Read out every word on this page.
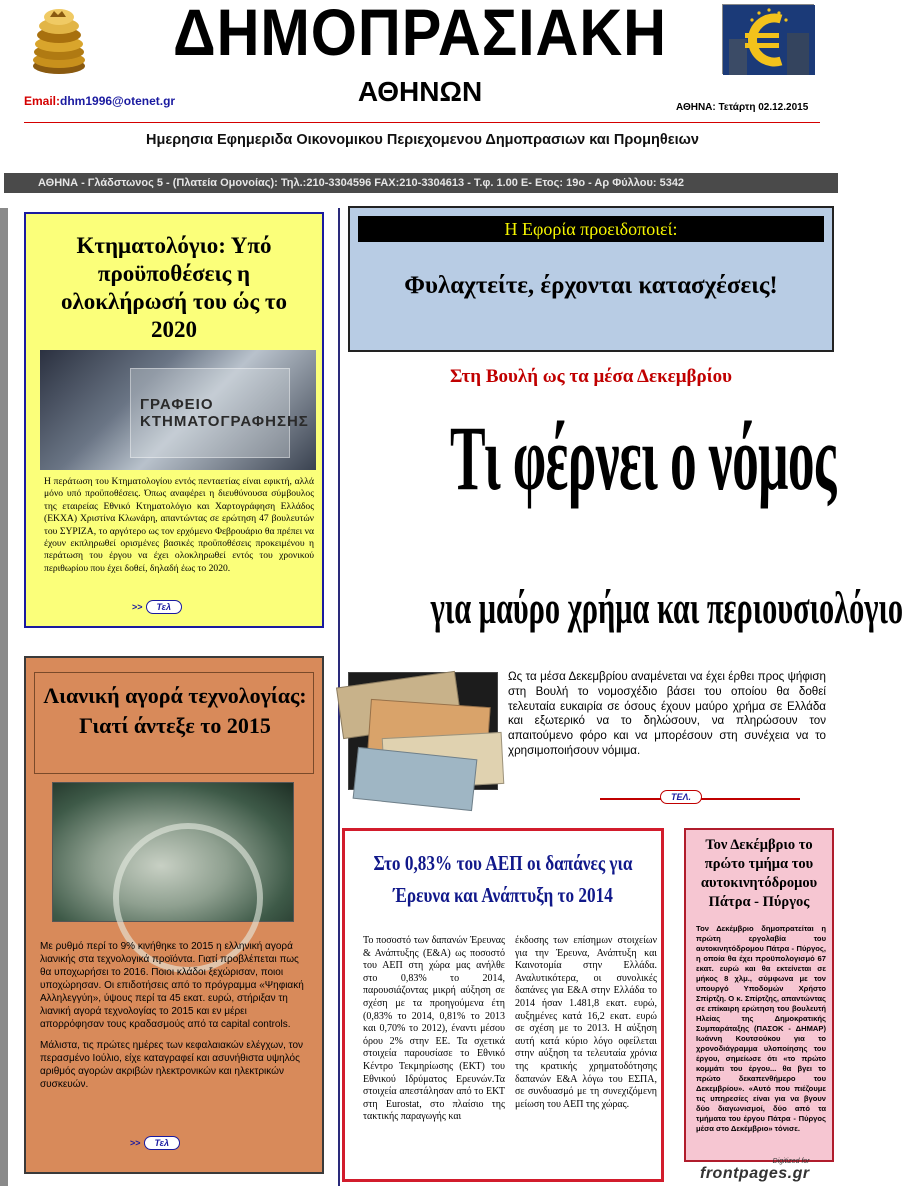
ΔΗΜΟΠΡΑΣΙΑΚΗ
ΑΘΗΝΩΝ
Email:dhm1996@otenet.gr	ΑΘΗΝΑ: Τετάρτη 02.12.2015
Ημερησια Εφημεριδα Οικονομικου Περιεχομενου Δημοπρασιων και Προμηθειων
ΑΘΗΝΑ - Γλάδστωνος 5 - (Πλατεία Ομονοίας): Τηλ.:210-3304596 FAX:210-3304613 - Τ.φ. 1.00 Ε- Ετος: 19ο - Αρ Φύλλου: 5342
Κτηματολόγιο: Υπό προϋποθέσεις η ολοκλήρωσή του ώς το 2020
ΓΡΑΦΕΙΟ ΚΤΗΜΑΤΟΓΡΑΦΗΣΗΣ
Η περάτωση του Κτηματολογίου εντός πενταετίας είναι εφικτή, αλλά μόνο υπό προϋποθέσεις. Όπως αναφέρει η διευθύνουσα σύμβουλος της εταιρείας Εθνικό Κτηματολόγιο και Χαρτογράφηση Ελλάδος (ΕΚΧΑ) Χριστίνα Κλωνάρη, απαντώντας σε ερώτηση 47 βουλευτών του ΣΥΡΙΖΑ, το αργότερο ως τον ερχόμενο Φεβρουάριο θα πρέπει να έχουν εκπληρωθεί ορισμένες βασικές προϋποθέσεις προκειμένου η περάτωση του έργου να έχει ολοκληρωθεί εντός του χρονικού περιθωρίου που έχει δοθεί, δηλαδή έως το 2020.
>>	Τελ
Λιανική αγορά τεχνολογίας: Γιατί άντεξε το 2015

Με ρυθμό περί το 9% κινήθηκε το 2015 η ελληνική αγορά λιανικής στα τεχνολογικά προϊόντα. Γιατί προβλέπεται πως θα υποχωρήσει το 2016. Ποιοι κλάδοι ξεχώρισαν, ποιοι υποχώρησαν. Οι επιδοτήσεις από το πρόγραμμα «Ψηφιακή Αλληλεγγύη», ύψους περί τα 45 εκατ. ευρώ, στήριξαν τη λιανική αγορά τεχνολογίας το 2015 και εν μέρει απορρόφησαν τους κραδασμούς από τα capital controls.

Μάλιστα, τις πρώτες ημέρες των κεφαλαιακών ελέγχων, τον περασμένο Ιούλιο, είχε καταγραφεί και ασυνήθιστα υψηλός αριθμός αγορών ακριβών ηλεκτρονικών και ηλεκτρικών συσκευών.

>>	Τελ
Η Εφορία προειδοποιεί:
Φυλαχτείτε, έρχονται κατασχέσεις!
Στη Βουλή ως τα μέσα Δεκεμβρίου
Τι φέρνει ο νόμος
για μαύρο χρήμα και περιουσιολόγιο
Ως τα μέσα Δεκεμβρίου αναμένεται να έχει έρθει προς ψήφιση στη Βουλή το νομοσχέδιο βάσει του οποίου θα δοθεί τελευταία ευκαιρία σε όσους έχουν μαύρο χρήμα σε Ελλάδα και εξωτερικό να το δηλώσουν, να πληρώσουν τον απαιτούμενο φόρο και να μπορέσουν στη συνέχεια να το χρησιμοποιήσουν νόμιμα.
ΤΕΛ.
Στο 0,83% του ΑΕΠ οι δαπάνες για Έρευνα και Ανάπτυξη το 2014
Το ποσοστό των δαπανών Έρευνας & Ανάπτυξης (Ε&Α) ως ποσοστό του ΑΕΠ στη χώρα μας ανήλθε στο 0,83% το 2014, παρουσιάζοντας μικρή αύξηση σε σχέση με τα προηγούμενα έτη (0,83% το 2014, 0,81% το 2013 και 0,70% το 2012), έναντι μέσου όρου 2% στην ΕΕ. Τα σχετικά στοιχεία παρουσίασε το Εθνικό Κέντρο Τεκμηρίωσης (ΕΚΤ) του Εθνικού Ιδρύματος Ερευνών.Τα στοιχεία απεστάλησαν από το ΕΚΤ στη Eurostat, στο πλαίσιο της τακτικής παραγωγής και
έκδοσης των επίσημων στοιχείων για την Έρευνα, Ανάπτυξη και Καινοτομία στην Ελλάδα. Αναλυτικότερα, οι συνολικές δαπάνες για Ε&Α στην Ελλάδα το 2014 ήσαν 1.481,8 εκατ. ευρώ, αυξημένες κατά 16,2 εκατ. ευρώ σε σχέση με το 2013. Η αύξηση αυτή κατά κύριο λόγο οφείλεται στην αύξηση τα τελευταία χρόνια της κρατικής χρηματοδότησης δαπανών Ε&Α λόγω του ΕΣΠΑ, σε συνδυασμό με τη συνεχιζόμενη μείωση του ΑΕΠ της χώρας.
Τον Δεκέμβριο το πρώτο τμήμα του αυτοκινητόδρομου Πάτρα - Πύργος
Τον Δεκέμβριο δημοπρατείται η πρώτη εργολαβία του αυτοκινητόδρομου Πάτρα - Πύργος, η οποία θα έχει προϋπολογισμό 67 εκατ. ευρώ και θα εκτείνεται σε μήκος 8 χλμ., σύμφωνα με τον υπουργό Υποδομών Χρήστο Σπίρτζη. Ο κ. Σπίρτζης, απαντώντας σε επίκαιρη ερώτηση του βουλευτή Ηλείας της Δημοκρατικής Συμπαράταξης (ΠΑΣΟΚ - ΔΗΜΑΡ) Ιωάννη Κουτσούκου για το χρονοδιάγραμμα υλοποίησης του έργου, σημείωσε ότι «το πρώτο κομμάτι του έργου... θα βγει το πρώτο δεκαπενθήμερο του Δεκεμβρίου». «Αυτό που πιέζουμε τις υπηρεσίες είναι για να βγουν δύο διαγωνισμοί, δύο από τα τμήματα του έργου Πάτρα - Πύργος μέσα στο Δεκέμβριο» τόνισε.
Digitized for
frontpages.gr
